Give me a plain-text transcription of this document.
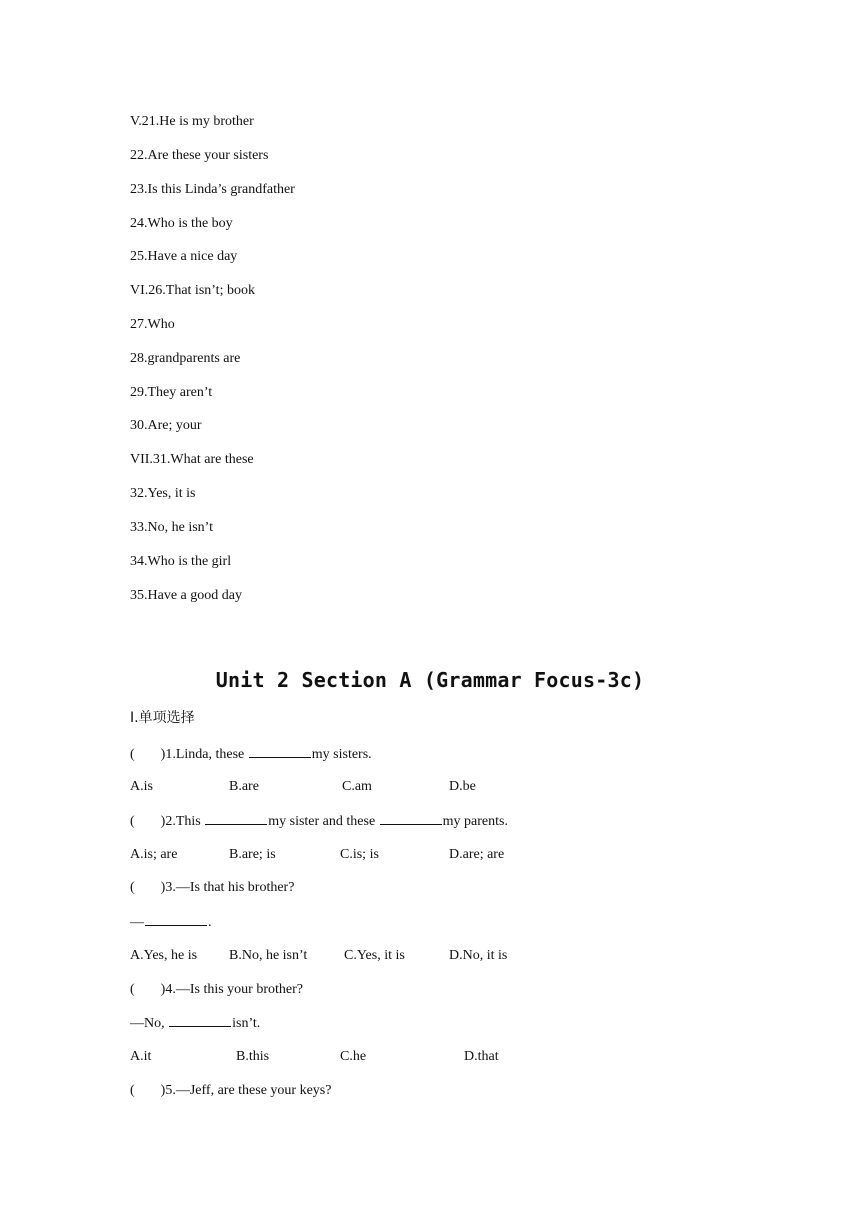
V.21.He is my brother
22.Are these your sisters
23.Is this Linda’s grandfather
24.Who is the boy
25.Have a nice day
VI.26.That isn’t; book
27.Who
28.grandparents are
29.They aren’t
30.Are; your
VII.31.What are these
32.Yes, it is
33.No, he isn’t
34.Who is the girl
35.Have a good day
Unit 2 Section A (Grammar Focus-3c)
Ⅰ.单项选择
( )1.Linda, these	my sisters.
A.is	B.are	C.am	D.be
( )2.This	my sister and these	my parents.
A.is; are	B.are; is	C.is; is	D.are; are
( )3.—Is that his brother?
—	.
A.Yes, he is B.No, he isn’t	C.Yes, it is	D.No, it is
( )4.—Is this your brother?
—No,	isn’t.
A.it	B.this	C.he	D.that
( )5.—Jeff, are these your keys?
